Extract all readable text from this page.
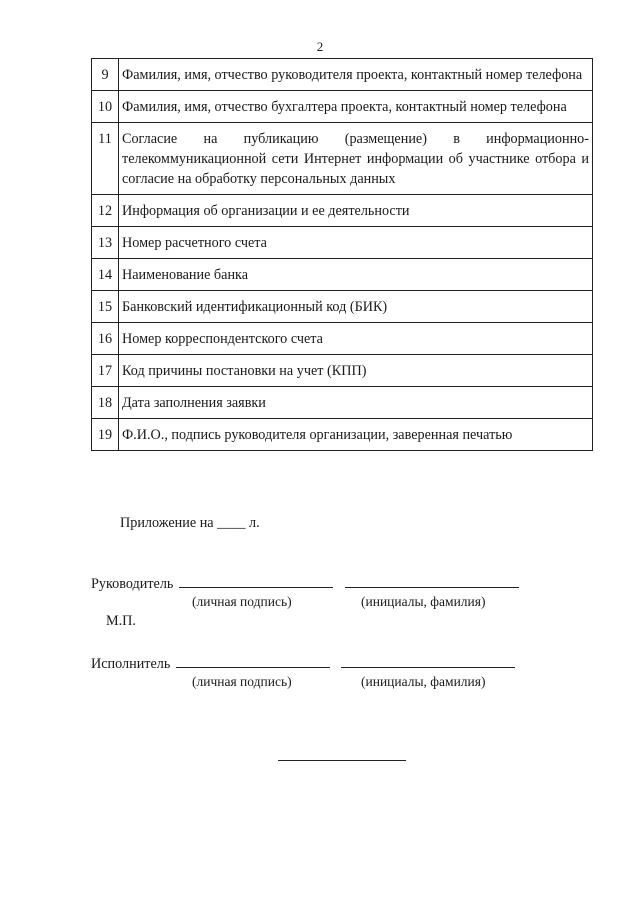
2
9	Фамилия, имя, отчество руководителя проекта, контактный номер телефона
10	Фамилия, имя, отчество бухгалтера проекта, контактный номер телефона
11	Согласие на публикацию (размещение) в информационно-телекоммуникационной сети Интернет информации об участнике отбора и согласие на обработку персональных данных
12	Информация об организации и ее деятельности
13	Номер расчетного счета
14	Наименование банка
15	Банковский идентификационный код (БИК)
16	Номер корреспондентского счета
17	Код причины постановки на учет (КПП)
18	Дата заполнения заявки
19	Ф.И.О., подпись руководителя организации, заверенная печатью
Приложение на ____ л.
Руководитель
(личная подпись)	(инициалы, фамилия)
М.П.
Исполнитель
(личная подпись)	(инициалы, фамилия)
